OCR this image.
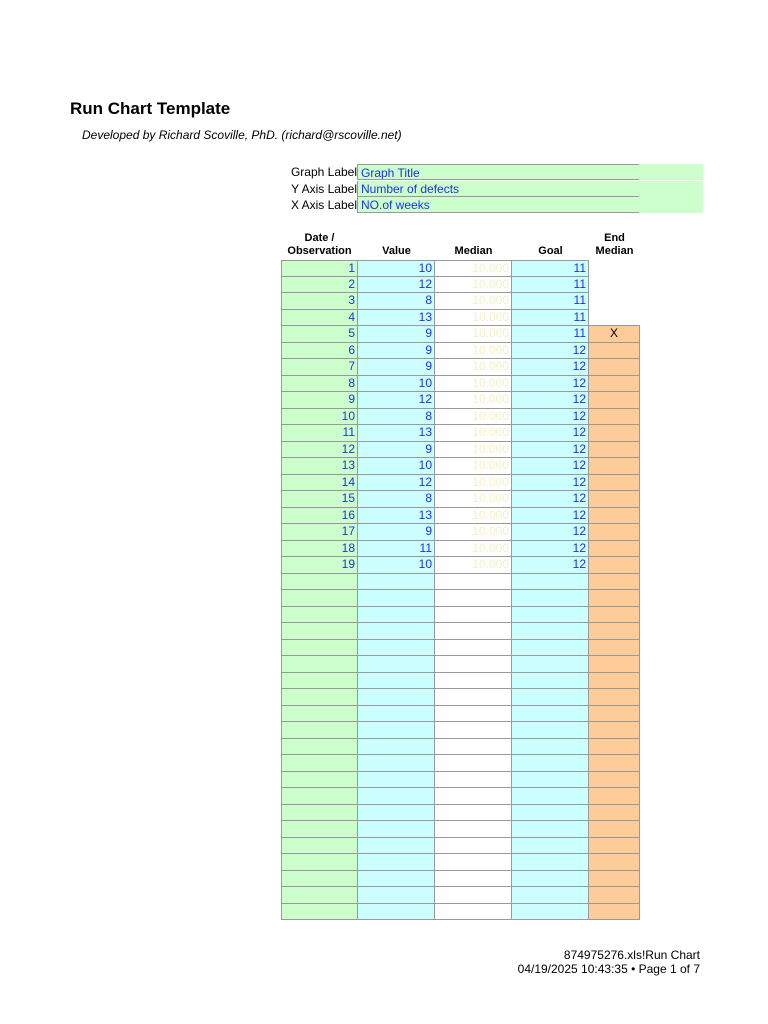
Run Chart Template
Developed by Richard Scoville, PhD. (richard@rscoville.net)
Graph Label Graph Title
Y Axis Label Number of defects
X Axis Label NO.of weeks
Date /
Observation	Value	Median	Goal
End
Median
1	10	10.000	11
2	12	10.000	11
3	8	10.000	11
4	13	10.000	11
5	9	10.000	11	X
6	9	10.000	12
7	9	10.000	12
8	10	10.000	12
9	12	10.000	12
10	8	10.000	12
11	13	10.000	12
12	9	10.000	12
13	10	10.000	12
14	12	10.000	12
15	8	10.000	12
16	13	10.000	12
17	9	10.000	12
18	11	10.000	12
19	10	10.000	12
874975276.xls!Run Chart
04/19/2025 10:43:35 • Page 1 of 7
